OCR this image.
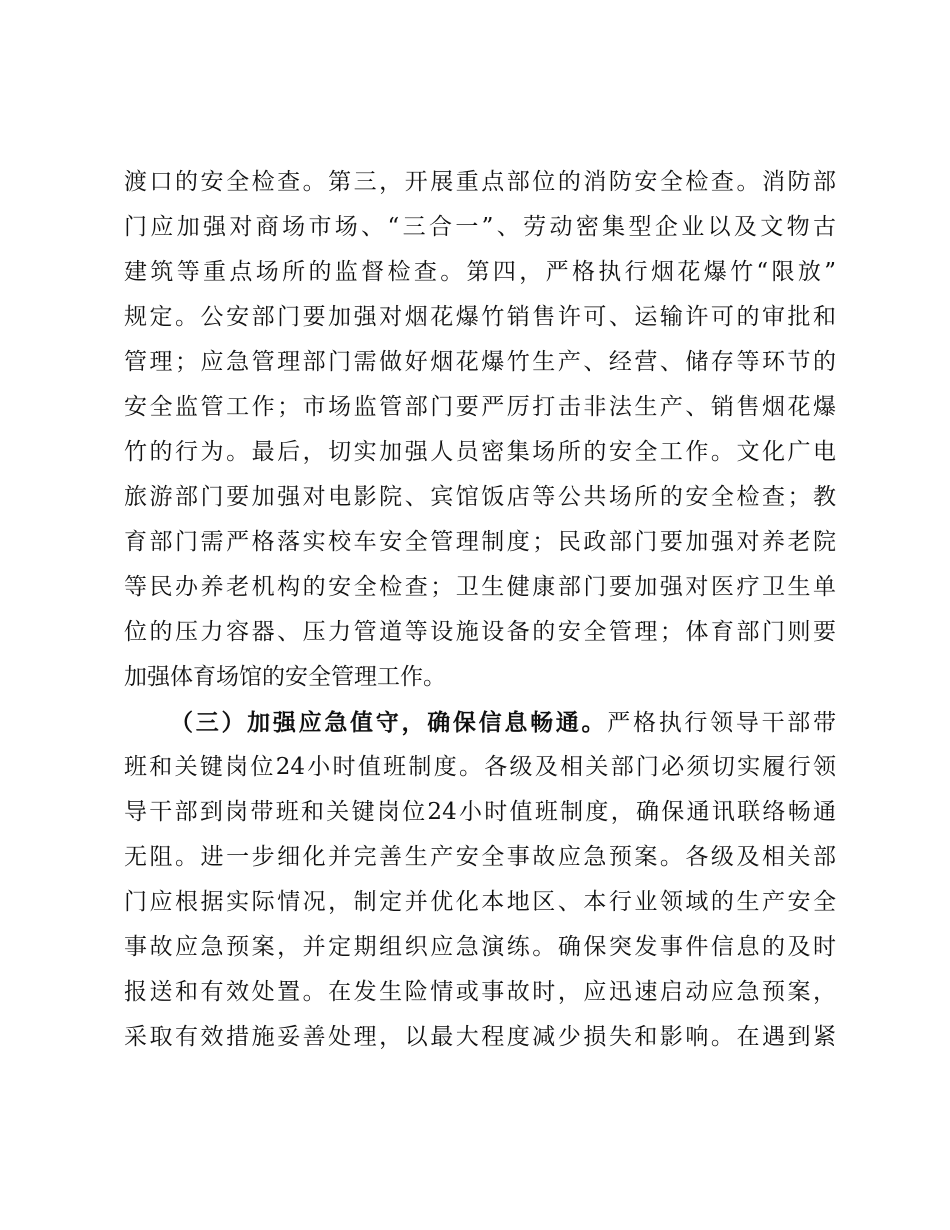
渡口的安全检查。第三，开展重点部位的消防安全检查。消防部
门应加强对商场市场、“三合一”、劳动密集型企业以及文物古
建筑等重点场所的监督检查。第四，严格执行烟花爆竹“限放”
规定。公安部门要加强对烟花爆竹销售许可、运输许可的审批和
管理；应急管理部门需做好烟花爆竹生产、经营、储存等环节的
安全监管工作；市场监管部门要严厉打击非法生产、销售烟花爆
竹的行为。最后，切实加强人员密集场所的安全工作。文化广电
旅游部门要加强对电影院、宾馆饭店等公共场所的安全检查；教
育部门需严格落实校车安全管理制度；民政部门要加强对养老院
等民办养老机构的安全检查；卫生健康部门要加强对医疗卫生单
位的压力容器、压力管道等设施设备的安全管理；体育部门则要
加强体育场馆的安全管理工作。
（三）加强应急值守，确保信息畅通。严格执行领导干部带
班和关键岗位24小时值班制度。各级及相关部门必须切实履行领
导干部到岗带班和关键岗位24小时值班制度，确保通讯联络畅通
无阻。进一步细化并完善生产安全事故应急预案。各级及相关部
门应根据实际情况，制定并优化本地区、本行业领域的生产安全
事故应急预案，并定期组织应急演练。确保突发事件信息的及时
报送和有效处置。在发生险情或事故时，应迅速启动应急预案，
采取有效措施妥善处理，以最大程度减少损失和影响。在遇到紧
